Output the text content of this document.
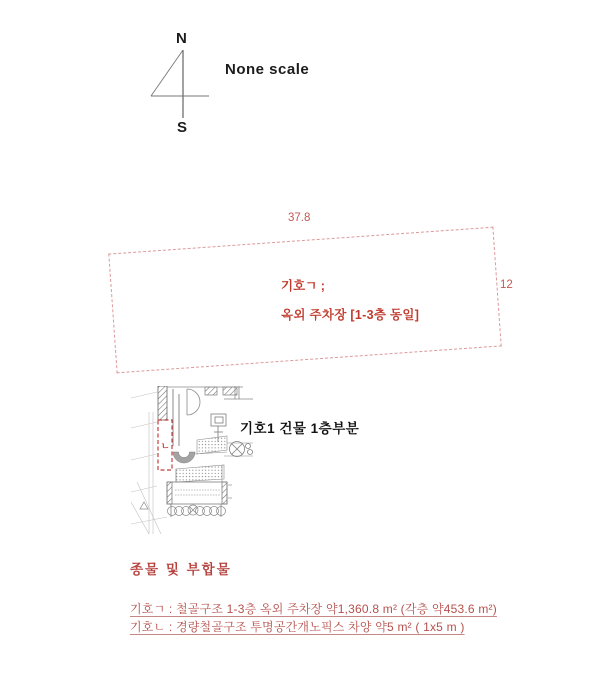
N
S
None scale
37.8
12
기호ㄱ ;
옥외 주차장 [1-3층 동일]
ㄴ
기호1 건물 1층부분
종물 및 부합물
기호ㄱ : 철골구조 1-3층 옥외 주차장 약1,360.8 m² (각층 약453.6 m²)
기호ㄴ : 경량철골구조 투명공간개노픽스 차양 약5 m² ( 1x5 m )
